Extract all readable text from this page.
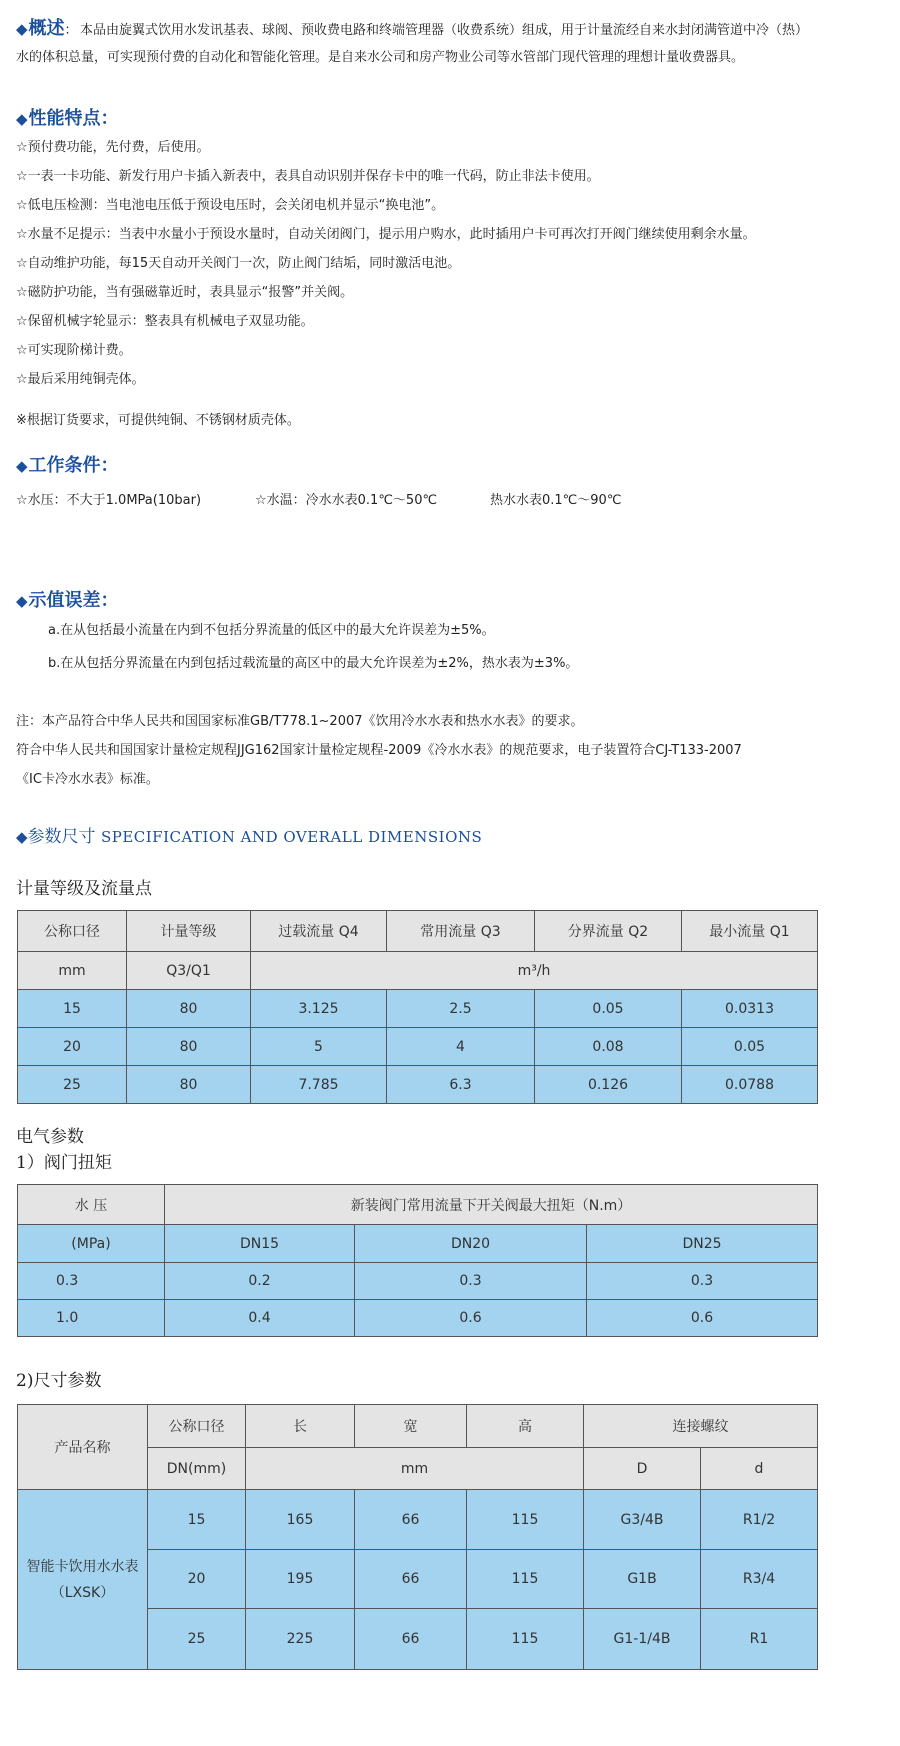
◆概述： 本品由旋翼式饮用水发讯基表、球阀、预收费电路和终端管理器（收费系统）组成，用于计量流经自来水封闭满管道中冷（热）
水的体积总量，可实现预付费的自动化和智能化管理。是自来水公司和房产物业公司等水管部门现代管理的理想计量收费器具。
◆性能特点：
☆预付费功能，先付费，后使用。
☆一表一卡功能、新发行用户卡插入新表中，表具自动识别并保存卡中的唯一代码，防止非法卡使用。
☆低电压检测：当电池电压低于预设电压时，会关闭电机并显示“换电池”。
☆水量不足提示：当表中水量小于预设水量时，自动关闭阀门，提示用户购水，此时插用户卡可再次打开阀门继续使用剩余水量。
☆自动维护功能，每15天自动开关阀门一次，防止阀门结垢，同时激活电池。
☆磁防护功能，当有强磁靠近时，表具显示“报警”并关阀。
☆保留机械字轮显示：整表具有机械电子双显功能。
☆可实现阶梯计费。
☆最后采用纯铜壳体。
※根据订货要求，可提供纯铜、不锈钢材质壳体。
◆工作条件：
☆水压：不大于1.0MPa(10bar)	☆水温：冷水水表0.1℃～50℃	热水水表0.1℃～90℃
◆示值误差：
a.在从包括最小流量在内到不包括分界流量的低区中的最大允许误差为±5%。
b.在从包括分界流量在内到包括过载流量的高区中的最大允许误差为±2%，热水表为±3%。
注：本产品符合中华人民共和国国家标准GB/T778.1~2007《饮用冷水水表和热水水表》的要求。
符合中华人民共和国国家计量检定规程JJG162国家计量检定规程-2009《冷水水表》的规范要求，电子装置符合CJ-T133-2007
《IC卡冷水水表》标准。
◆参数尺寸 SPECIFICATION AND OVERALL DIMENSIONS
计量等级及流量点
公称口径	计量等级	过载流量 Q4	常用流量 Q3	分界流量 Q2	最小流量 Q1
mm	Q3/Q1	m³/h			
15	80	3.125	2.5	0.05	0.0313
20	80	5	4	0.08	0.05
25	80	7.785	6.3	0.126	0.0788
电气参数
1）阀门扭矩
水 压	新装阀门常用流量下开关阀最大扭矩（N.m）		
(MPa)	DN15	DN20	DN25
0.3	0.2	0.3	0.3
1.0	0.4	0.6	0.6
2)尺寸参数
产品名称	公称口径	长	宽	高	连接螺纹	
	DN(mm)	mm			D	d

智能卡饮用水水表
（LXSK）	15	165	66	115	G3/4B	R1/2
	20	195	66	115	G1B	R3/4
	25	225	66	115	G1-1/4B	R1
